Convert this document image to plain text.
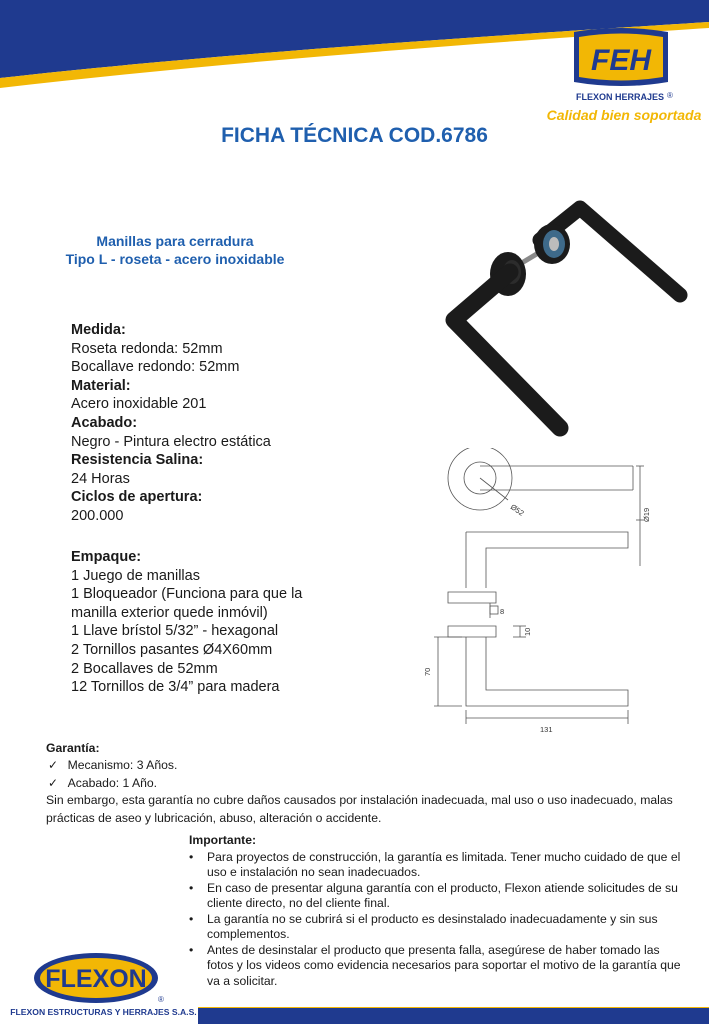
FEH
®
FLEXON HERRAJES
Calidad bien soportada
FICHA TÉCNICA COD.6786
Manillas para cerradura
Tipo L - roseta - acero inoxidable
Medida:
Roseta redonda: 52mm
Bocallave redondo: 52mm
Material:
Acero inoxidable 201
Acabado:
Negro - Pintura electro estática
Resistencia Salina:
24 Horas
Ciclos de apertura:
200.000
Empaque:
1 Juego de manillas
1 Bloqueador (Funciona para que la
manilla exterior quede inmóvil)
1 Llave brístol 5/32” - hexagonal
2 Tornillos pasantes Ø4X60mm
2 Bocallaves de 52mm
12 Tornillos de 3/4” para madera
Ø52	Ø19
8
10
70
131
Garantía:
✓ Mecanismo: 3 Años.
✓ Acabado: 1 Año.
Sin embargo, esta garantía no cubre daños causados por instalación inadecuada, mal uso o uso inadecuado, malas prácticas de aseo y lubricación, abuso, alteración o accidente.
Importante:
• Para proyectos de construcción, la garantía es limitada. Tener mucho cuidado de que el uso e instalación no sean inadecuados.
• En caso de presentar alguna garantía con el producto, Flexon atiende solicitudes de su cliente directo, no del cliente final.
• La garantía no se cubrirá si el producto es desinstalado inadecuadamente y sin sus complementos.
• Antes de desinstalar el producto que presenta falla, asegúrese de haber tomado las fotos y los videos como evidencia necesarios para soportar el motivo de la garantía que va a solicitar.
FLEXON
®
FLEXON ESTRUCTURAS Y HERRAJES S.A.S.
